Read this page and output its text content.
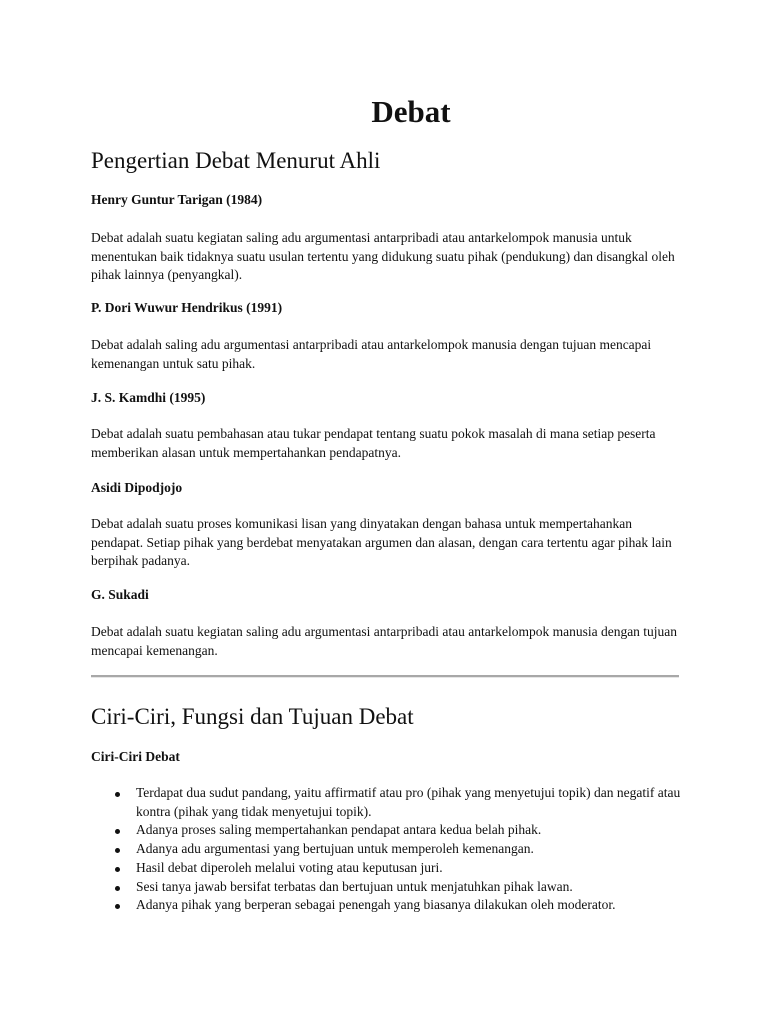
Debat
Pengertian Debat Menurut Ahli
Henry Guntur Tarigan (1984)

Debat adalah suatu kegiatan saling adu argumentasi antarpribadi atau antarkelompok manusia untuk menentukan baik tidaknya suatu usulan tertentu yang didukung suatu pihak (pendukung) dan disangkal oleh pihak lainnya (penyangkal).

P. Dori Wuwur Hendrikus (1991)

Debat adalah saling adu argumentasi antarpribadi atau antarkelompok manusia dengan tujuan mencapai kemenangan untuk satu pihak.

J. S. Kamdhi (1995)

Debat adalah suatu pembahasan atau tukar pendapat tentang suatu pokok masalah di mana setiap peserta memberikan alasan untuk mempertahankan pendapatnya.

Asidi Dipodjojo

Debat adalah suatu proses komunikasi lisan yang dinyatakan dengan bahasa untuk mempertahankan pendapat. Setiap pihak yang berdebat menyatakan argumen dan alasan, dengan cara tertentu agar pihak lain berpihak padanya.

G. Sukadi

Debat adalah suatu kegiatan saling adu argumentasi antarpribadi atau antarkelompok manusia dengan tujuan mencapai kemenangan.

Ciri-Ciri, Fungsi dan Tujuan Debat
Ciri-Ciri Debat
Terdapat dua sudut pandang, yaitu affirmatif atau pro (pihak yang menyetujui topik) dan negatif atau kontra (pihak yang tidak menyetujui topik).
Adanya proses saling mempertahankan pendapat antara kedua belah pihak.
Adanya adu argumentasi yang bertujuan untuk memperoleh kemenangan.
Hasil debat diperoleh melalui voting atau keputusan juri.
Sesi tanya jawab bersifat terbatas dan bertujuan untuk menjatuhkan pihak lawan.
Adanya pihak yang berperan sebagai penengah yang biasanya dilakukan oleh moderator.
